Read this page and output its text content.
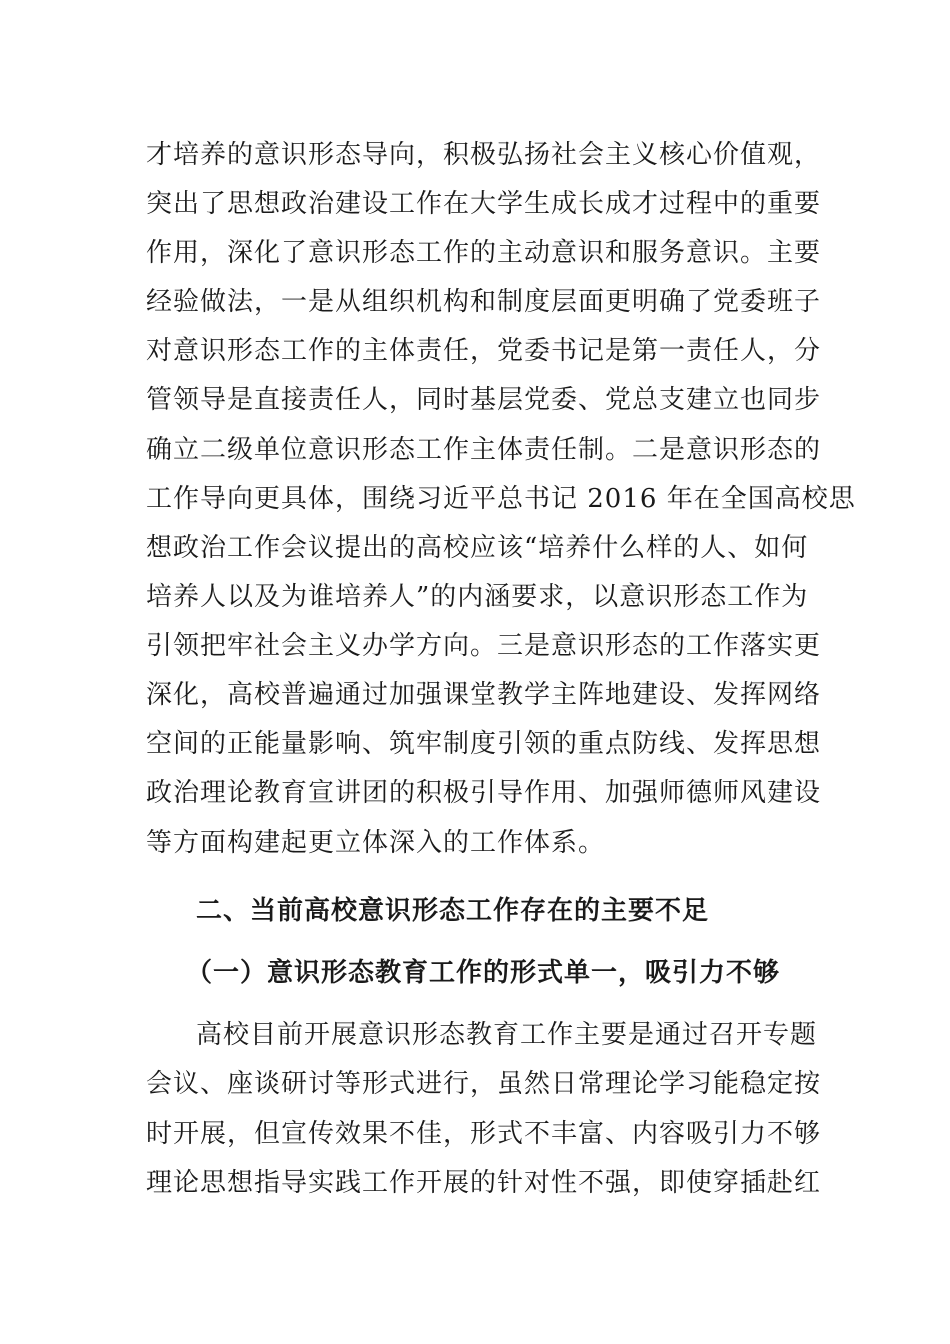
才培养的意识形态导向，积极弘扬社会主义核心价值观，
突出了思想政治建设工作在大学生成长成才过程中的重要
作用，深化了意识形态工作的主动意识和服务意识。主要
经验做法，一是从组织机构和制度层面更明确了党委班子
对意识形态工作的主体责任，党委书记是第一责任人，分
管领导是直接责任人，同时基层党委、党总支建立也同步
确立二级单位意识形态工作主体责任制。二是意识形态的
工作导向更具体，围绕习近平总书记 2016 年在全国高校思
想政治工作会议提出的高校应该“培养什么样的人、如何
培养人以及为谁培养人”的内涵要求，以意识形态工作为
引领把牢社会主义办学方向。三是意识形态的工作落实更
深化，高校普遍通过加强课堂教学主阵地建设、发挥网络
空间的正能量影响、筑牢制度引领的重点防线、发挥思想
政治理论教育宣讲团的积极引导作用、加强师德师风建设
等方面构建起更立体深入的工作体系。
二、当前高校意识形态工作存在的主要不足
（一）意识形态教育工作的形式单一，吸引力不够
高校目前开展意识形态教育工作主要是通过召开专题
会议、座谈研讨等形式进行，虽然日常理论学习能稳定按
时开展，但宣传效果不佳，形式不丰富、内容吸引力不够
理论思想指导实践工作开展的针对性不强，即使穿插赴红
